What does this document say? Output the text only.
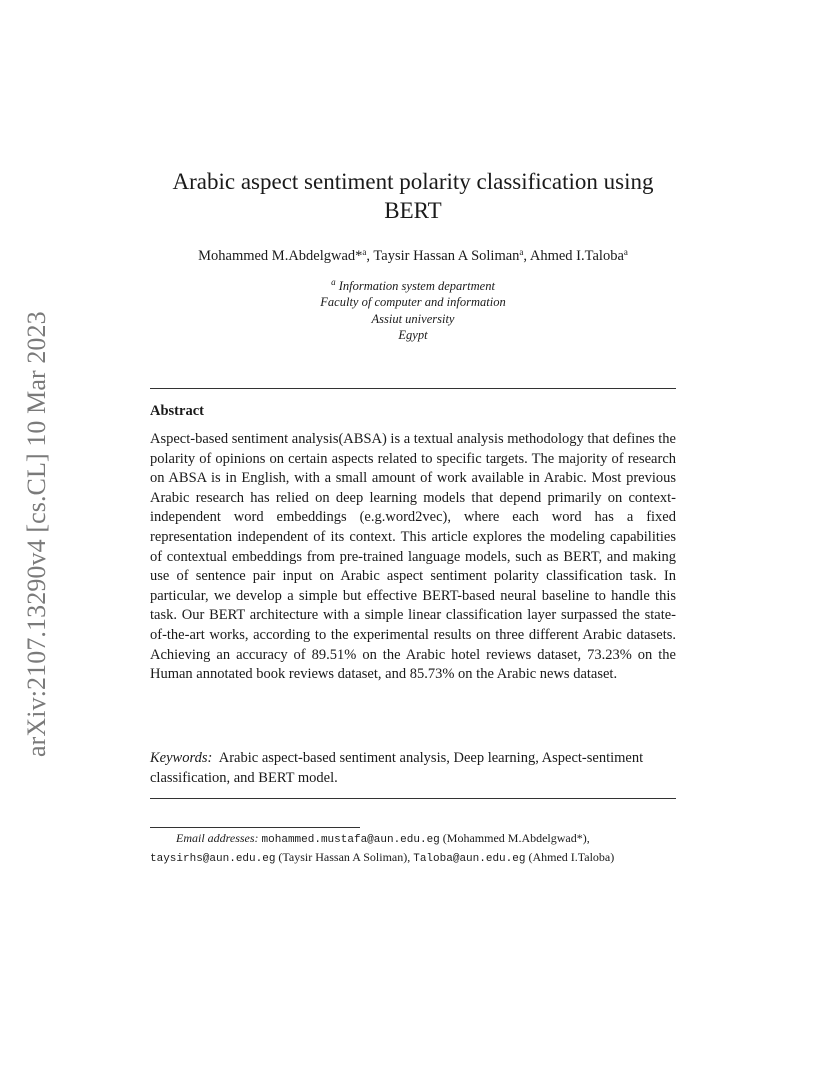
arXiv:2107.13290v4 [cs.CL] 10 Mar 2023
Arabic aspect sentiment polarity classification using BERT
Mohammed M.Abdelgwad*$^a$, Taysir Hassan A Soliman$^a$, Ahmed I.Taloba$^a$
$^a$ Information system department
Faculty of computer and information
Assiut university
Egypt
Abstract

Aspect-based sentiment analysis(ABSA) is a textual analysis methodology that defines the polarity of opinions on certain aspects related to specific targets. The majority of research on ABSA is in English, with a small amount of work available in Arabic. Most previous Arabic research has relied on deep learning models that depend primarily on context-independent word embeddings (e.g.word2vec), where each word has a fixed representation independent of its context. This article explores the modeling capabilities of contextual embeddings from pre-trained language models, such as BERT, and making use of sentence pair input on Arabic aspect sentiment polarity classification task. In particular, we develop a simple but effective BERT-based neural baseline to handle this task. Our BERT architecture with a simple linear classification layer surpassed the state-of-the-art works, according to the experimental results on three different Arabic datasets. Achieving an accuracy of 89.51% on the Arabic hotel reviews dataset, 73.23% on the Human annotated book reviews dataset, and 85.73% on the Arabic news dataset.

Keywords: Arabic aspect-based sentiment analysis, Deep learning, Aspect-sentiment classification, and BERT model.

Email addresses: mohammed.mustafa@aun.edu.eg (Mohammed M.Abdelgwad*), taysirhs@aun.edu.eg (Taysir Hassan A Soliman), Taloba@aun.edu.eg (Ahmed I.Taloba)
